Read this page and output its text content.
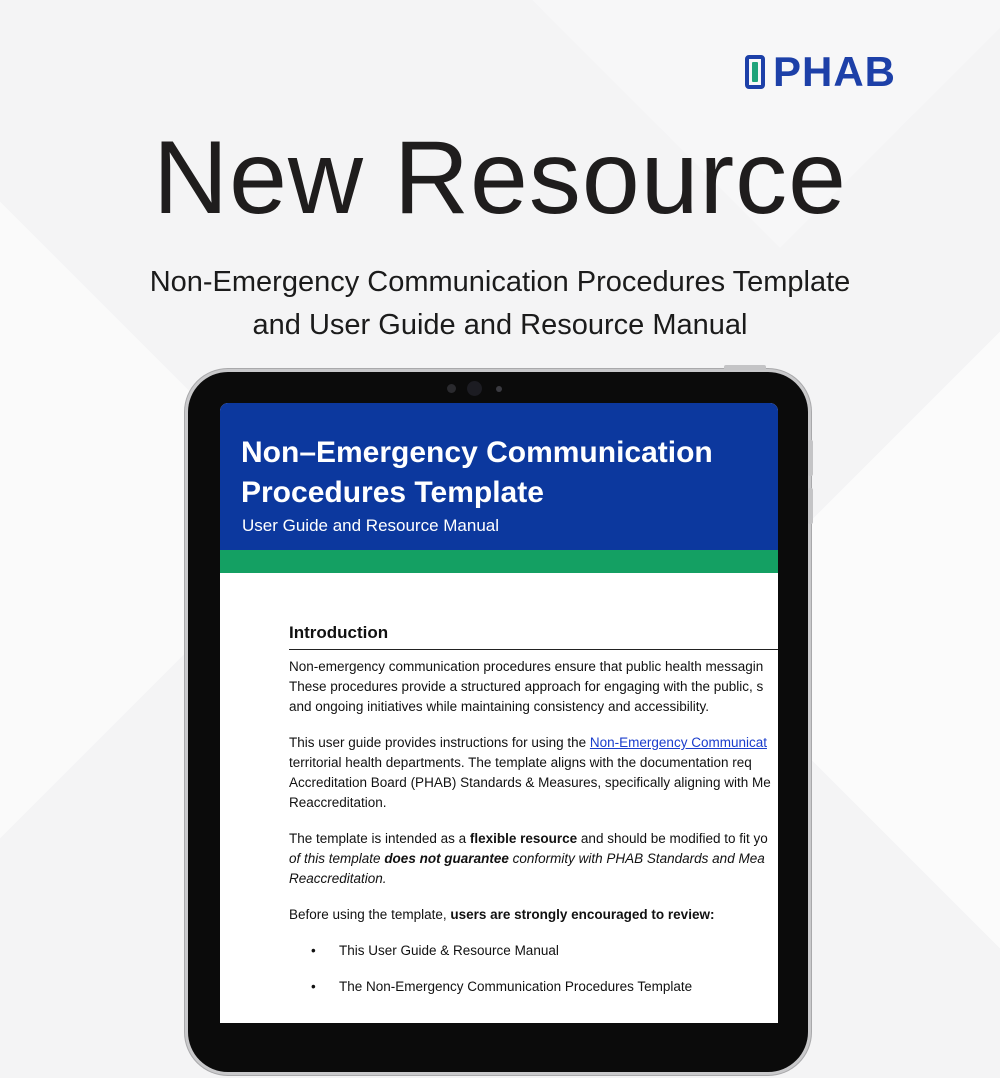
PHAB
New Resource
Non-Emergency Communication Procedures Template
and User Guide and Resource Manual
Non–Emergency Communication
Procedures Template
User Guide and Resource Manual
Introduction

Non-emergency communication procedures ensure that public health messagin
These procedures provide a structured approach for engaging with the public, s
and ongoing initiatives while maintaining consistency and accessibility.

This user guide provides instructions for using the Non-Emergency Communicat
territorial health departments. The template aligns with the documentation req
Accreditation Board (PHAB) Standards & Measures, specifically aligning with Me
Reaccreditation.

The template is intended as a flexible resource and should be modified to fit yo
of this template does not guarantee conformity with PHAB Standards and Mea
Reaccreditation.

Before using the template, users are strongly encouraged to review:

• This User Guide & Resource Manual
• The Non-Emergency Communication Procedures Template
